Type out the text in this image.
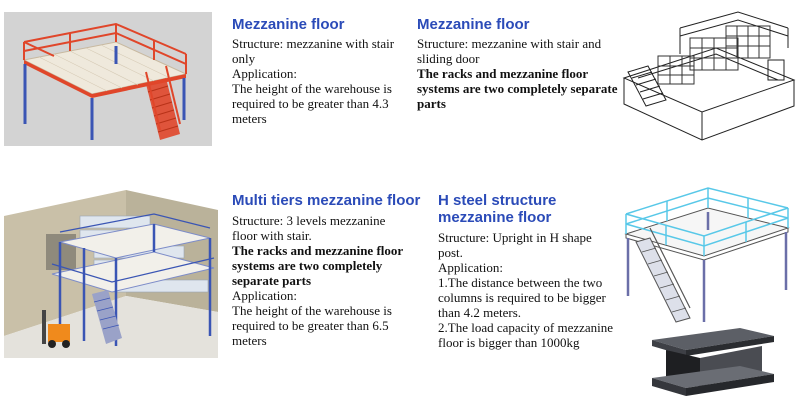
Mezzanine floor

Structure: mezzanine with stair only

Application:

The height of the warehouse is required to be greater than 4.3 meters

Mezzanine floor

Structure: mezzanine with stair and sliding door

The racks and mezzanine floor systems are two completely separate parts

Multi tiers mezzanine floor

Structure: 3 levels mezzanine floor with stair.

The racks and mezzanine floor systems are two completely separate parts

Application:

The height of the warehouse is required to be greater than 6.5 meters

H steel structure
mezzanine floor

Structure: Upright in H shape post.

Application:

1.The distance between the two columns is required to be bigger than 4.2 meters.

2.The load capacity of mezzanine floor is bigger than 1000kg
